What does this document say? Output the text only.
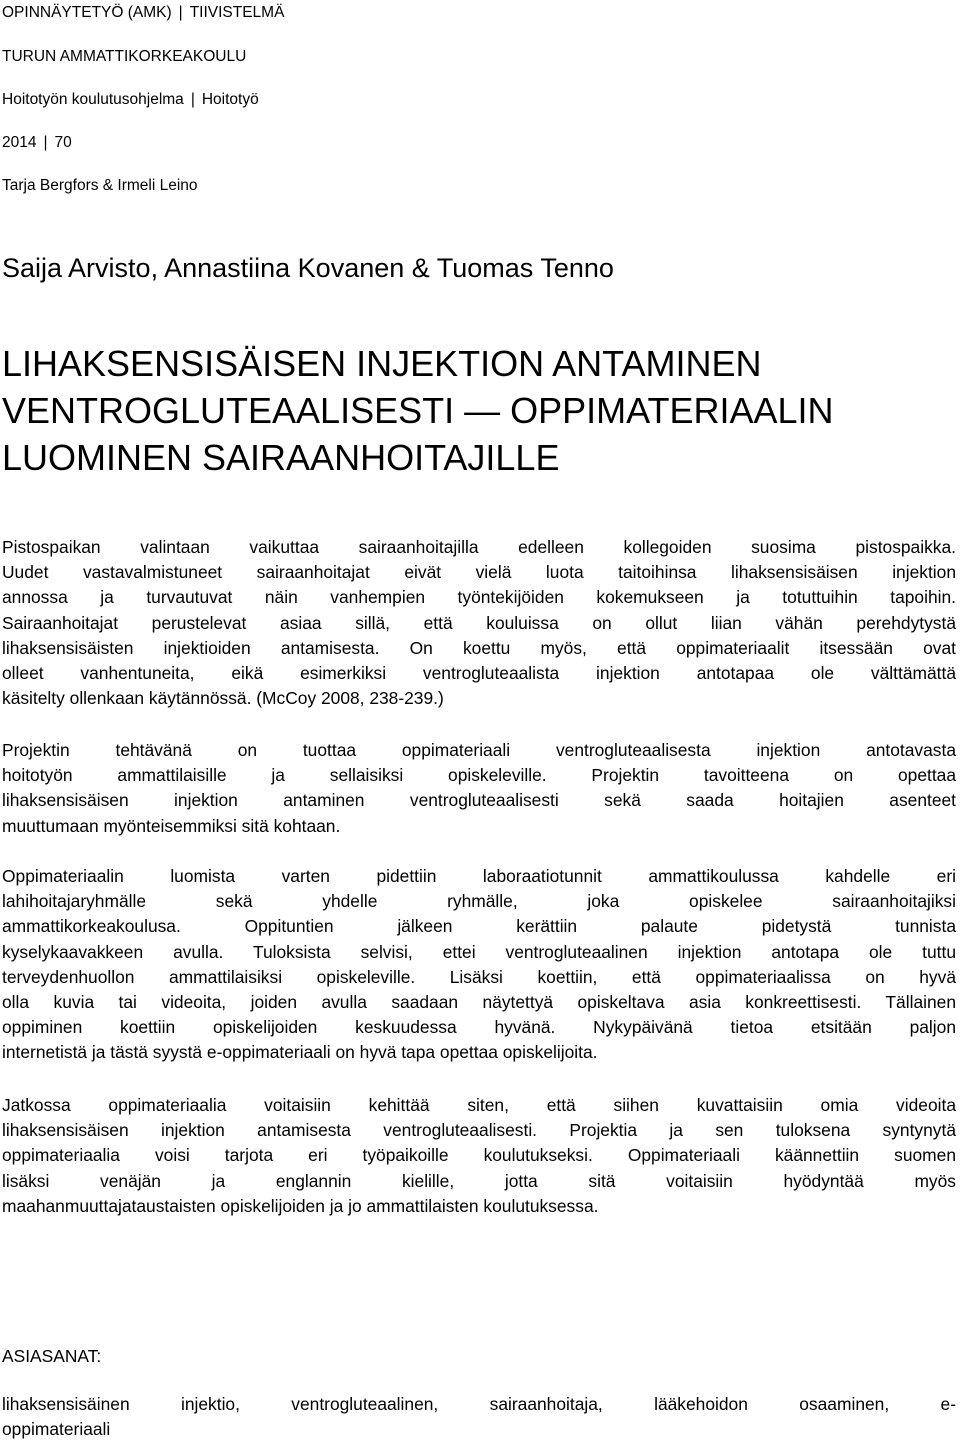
OPINNÄYTETYÖ (AMK) | TIIVISTELMÄ

TURUN AMMATTIKORKEAKOULU

Hoitotyön koulutusohjelma | Hoitotyö

2014 | 70

Tarja Bergfors & Irmeli Leino

Saija Arvisto, Annastiina Kovanen & Tuomas Tenno

LIHAKSENSISÄISEN INJEKTION ANTAMINEN
VENTROGLUTEAALISESTI — OPPIMATERIAALIN
LUOMINEN SAIRAANHOITAJILLE
Pistospaikan valintaan vaikuttaa sairaanhoitajilla edelleen kollegoiden suosima pistospaikka.
Uudet vastavalmistuneet sairaanhoitajat eivät vielä luota taitoihinsa lihaksensisäisen injektion
annossa ja turvautuvat näin vanhempien työntekijöiden kokemukseen ja totuttuihin tapoihin.
Sairaanhoitajat perustelevat asiaa sillä, että kouluissa on ollut liian vähän perehdytystä
lihaksensisäisten injektioiden antamisesta. On koettu myös, että oppimateriaalit itsessään ovat
olleet vanhentuneita, eikä esimerkiksi ventrogluteaalista injektion antotapaa ole välttämättä
käsitelty ollenkaan käytännössä. (McCoy 2008, 238-239.)
Projektin tehtävänä on tuottaa oppimateriaali ventrogluteaalisesta injektion antotavasta
hoitotyön ammattilaisille ja sellaisiksi opiskeleville. Projektin tavoitteena on opettaa
lihaksensisäisen injektion antaminen ventrogluteaalisesti sekä saada hoitajien asenteet
muuttumaan myönteisemmiksi sitä kohtaan.
Oppimateriaalin luomista varten pidettiin laboraatiotunnit ammattikoulussa kahdelle eri
lahihoitajaryhmälle sekä yhdelle ryhmälle, joka opiskelee sairaanhoitajiksi
ammattikorkeakoulusa. Oppituntien jälkeen kerättiin palaute pidetystä tunnista
kyselykaavakkeen avulla. Tuloksista selvisi, ettei ventrogluteaalinen injektion antotapa ole tuttu
terveydenhuollon ammattilaisiksi opiskeleville. Lisäksi koettiin, että oppimateriaalissa on hyvä
olla kuvia tai videoita, joiden avulla saadaan näytettyä opiskeltava asia konkreettisesti. Tällainen
oppiminen koettiin opiskelijoiden keskuudessa hyvänä. Nykypäivänä tietoa etsitään paljon
internetistä ja tästä syystä e-oppimateriaali on hyvä tapa opettaa opiskelijoita.
Jatkossa oppimateriaalia voitaisiin kehittää siten, että siihen kuvattaisiin omia videoita
lihaksensisäisen injektion antamisesta ventrogluteaalisesti. Projektia ja sen tuloksena syntynytä
oppimateriaalia voisi tarjota eri työpaikoille koulutukseksi. Oppimateriaali käännettiin suomen
lisäksi venäjän ja englannin kielille, jotta sitä voitaisiin hyödyntää myös
maahanmuuttajataustaisten opiskelijoiden ja jo ammattilaisten koulutuksessa.

ASIASANAT:

lihaksensisäinen injektio, ventrogluteaalinen, sairaanhoitaja, lääkehoidon osaaminen, e-
oppimateriaali
